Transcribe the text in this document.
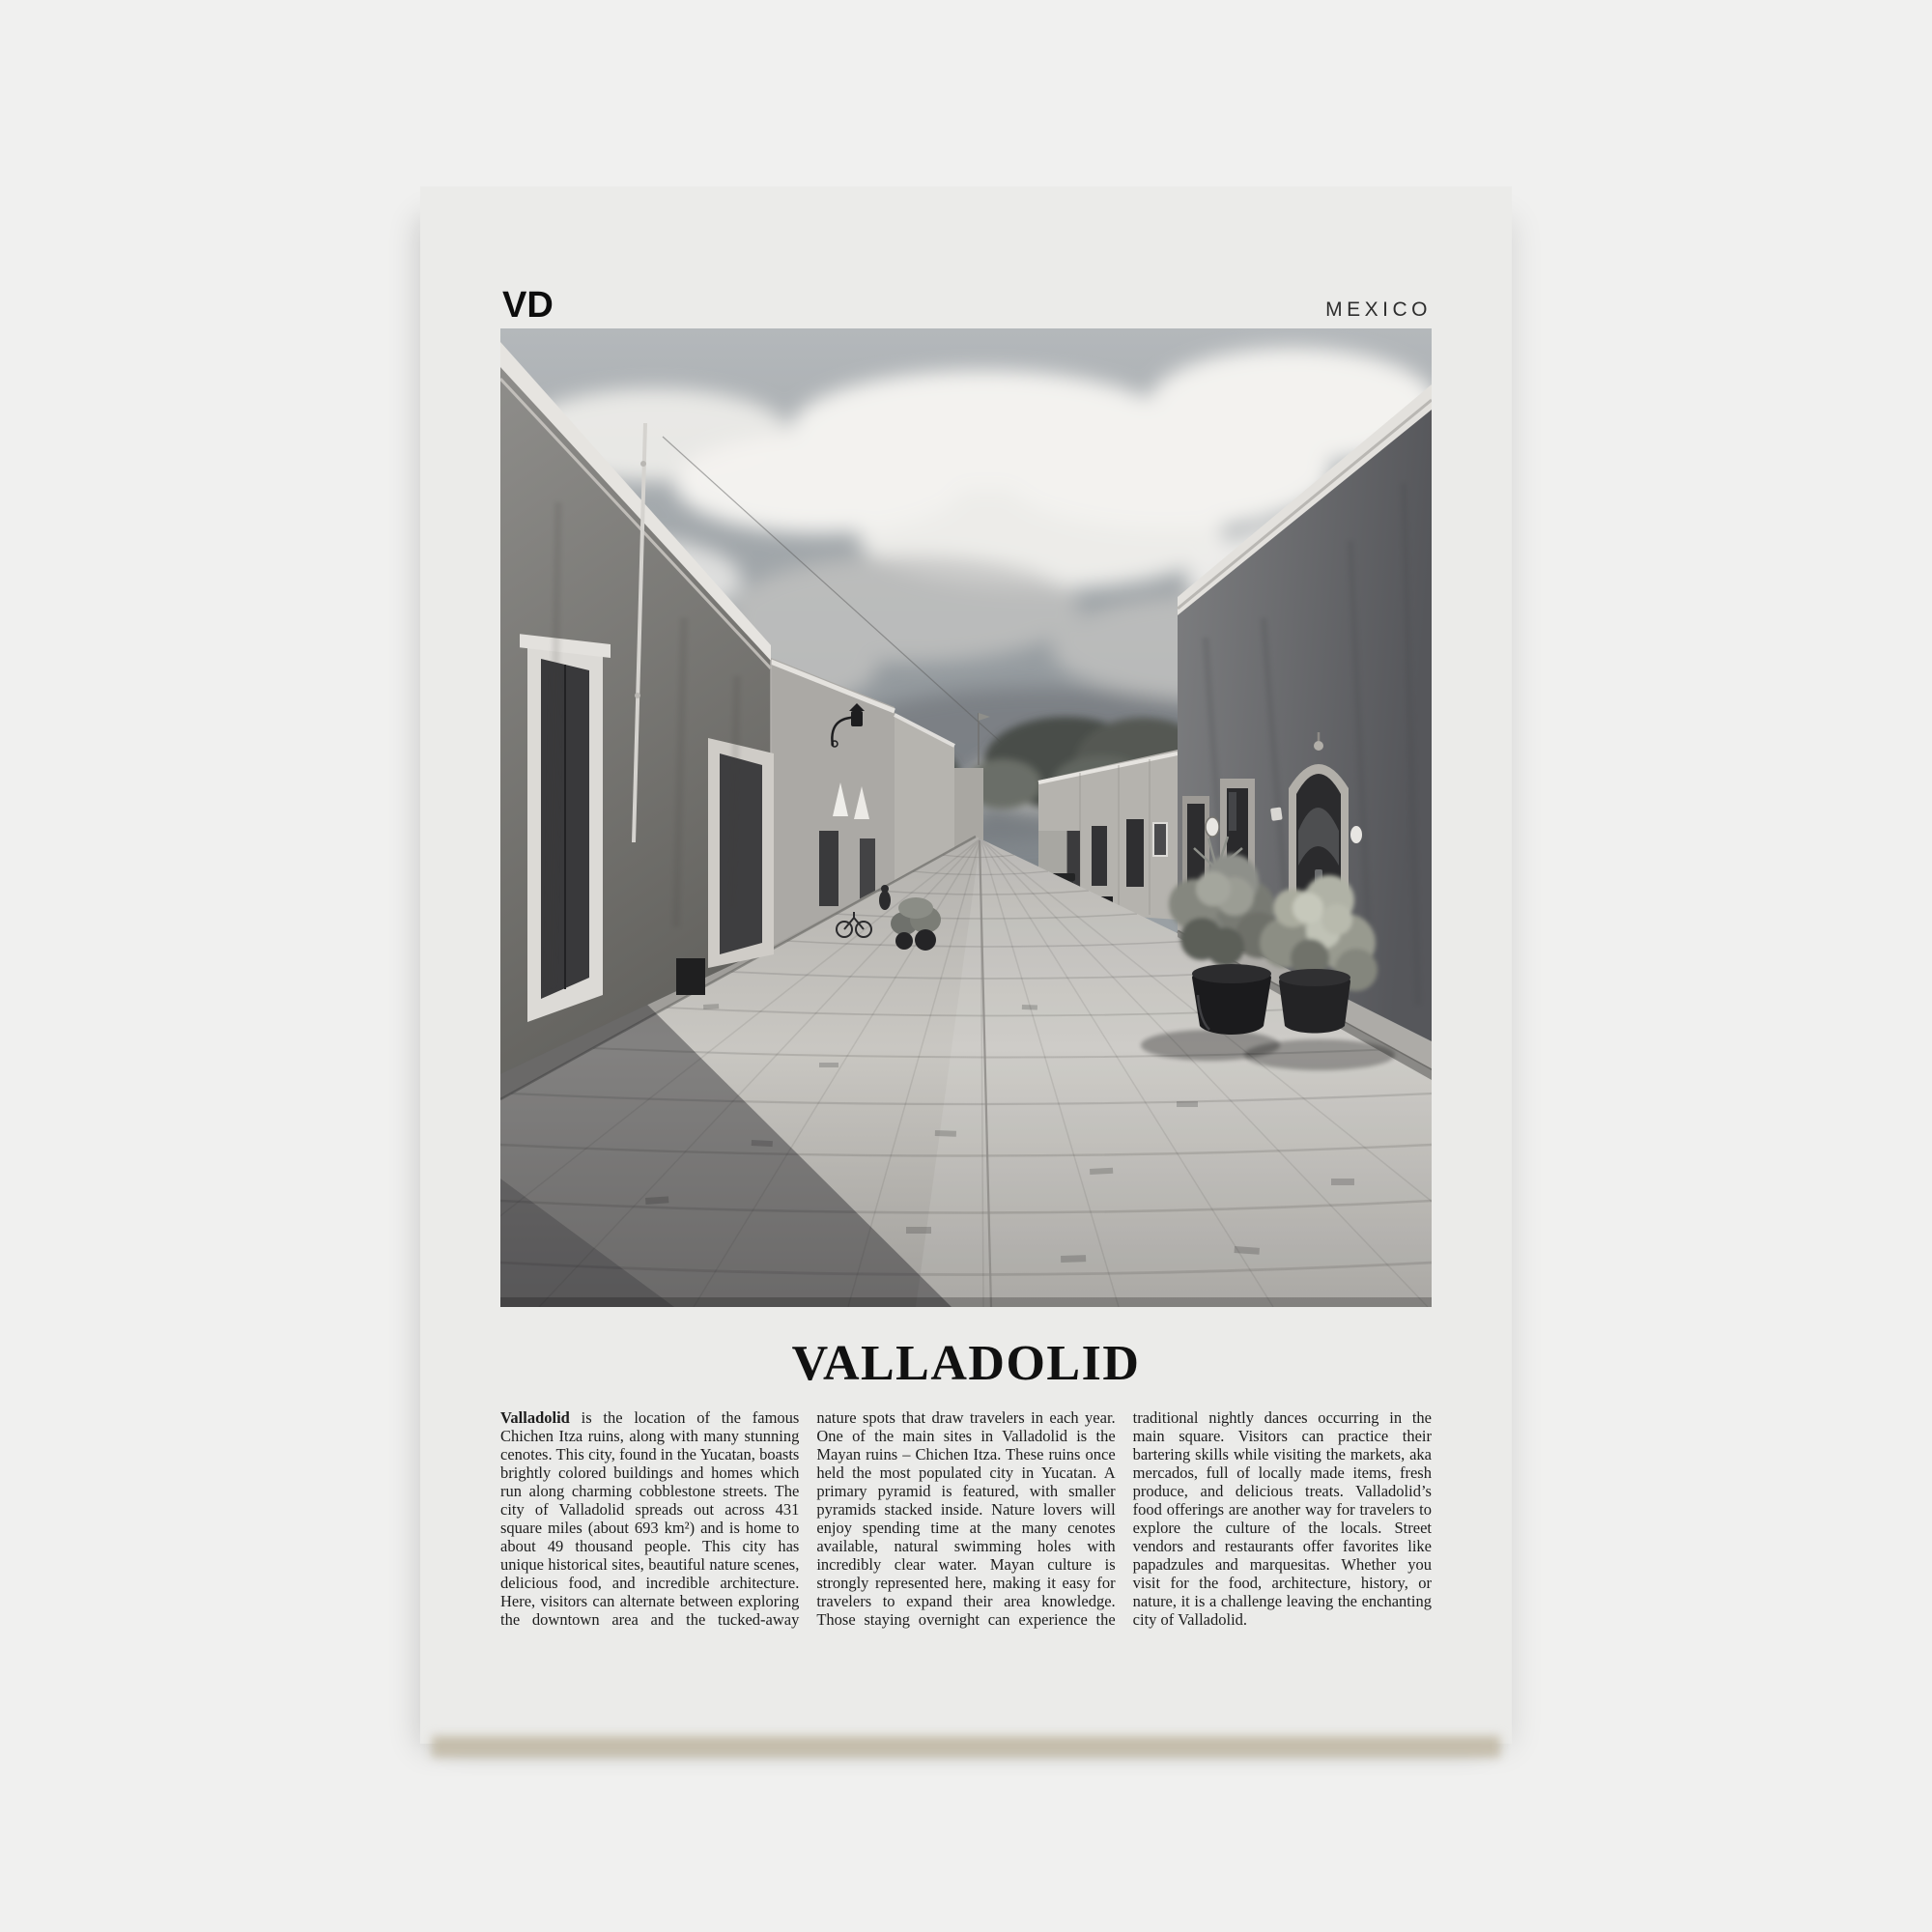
VD	MEXICO
VALLADOLID

Valladolid is the location of the famous Chichen Itza ruins, along with many stunning cenotes. This city, found in the Yucatan, boasts brightly colored buildings and homes which run along charming cobblestone streets. The city of Valladolid spreads out across 431 square miles (about 693 km²) and is home to about 49 thousand people. This city has unique historical sites, beautiful nature scenes, delicious food, and incredible architecture. Here, visitors can alternate between exploring the downtown area and the tucked-away nature spots that draw travelers in each year. One of the main sites in Valladolid is the Mayan ruins – Chichen Itza. These ruins once held the most populated city in Yucatan. A primary pyramid is featured, with smaller pyramids stacked inside. Nature lovers will enjoy spending time at the many cenotes available, natural swimming holes with incredibly clear water. Mayan culture is strongly represented here, making it easy for travelers to expand their area knowledge. Those staying overnight can experience the traditional nightly dances occurring in the main square. Visitors can practice their bartering skills while visiting the markets, aka mercados, full of locally made items, fresh produce, and delicious treats. Valladolid’s food offerings are another way for travelers to explore the culture of the locals. Street vendors and restaurants offer favorites like papadzules and marquesitas. Whether you visit for the food, architecture, history, or nature, it is a challenge leaving the enchanting city of Valladolid.
